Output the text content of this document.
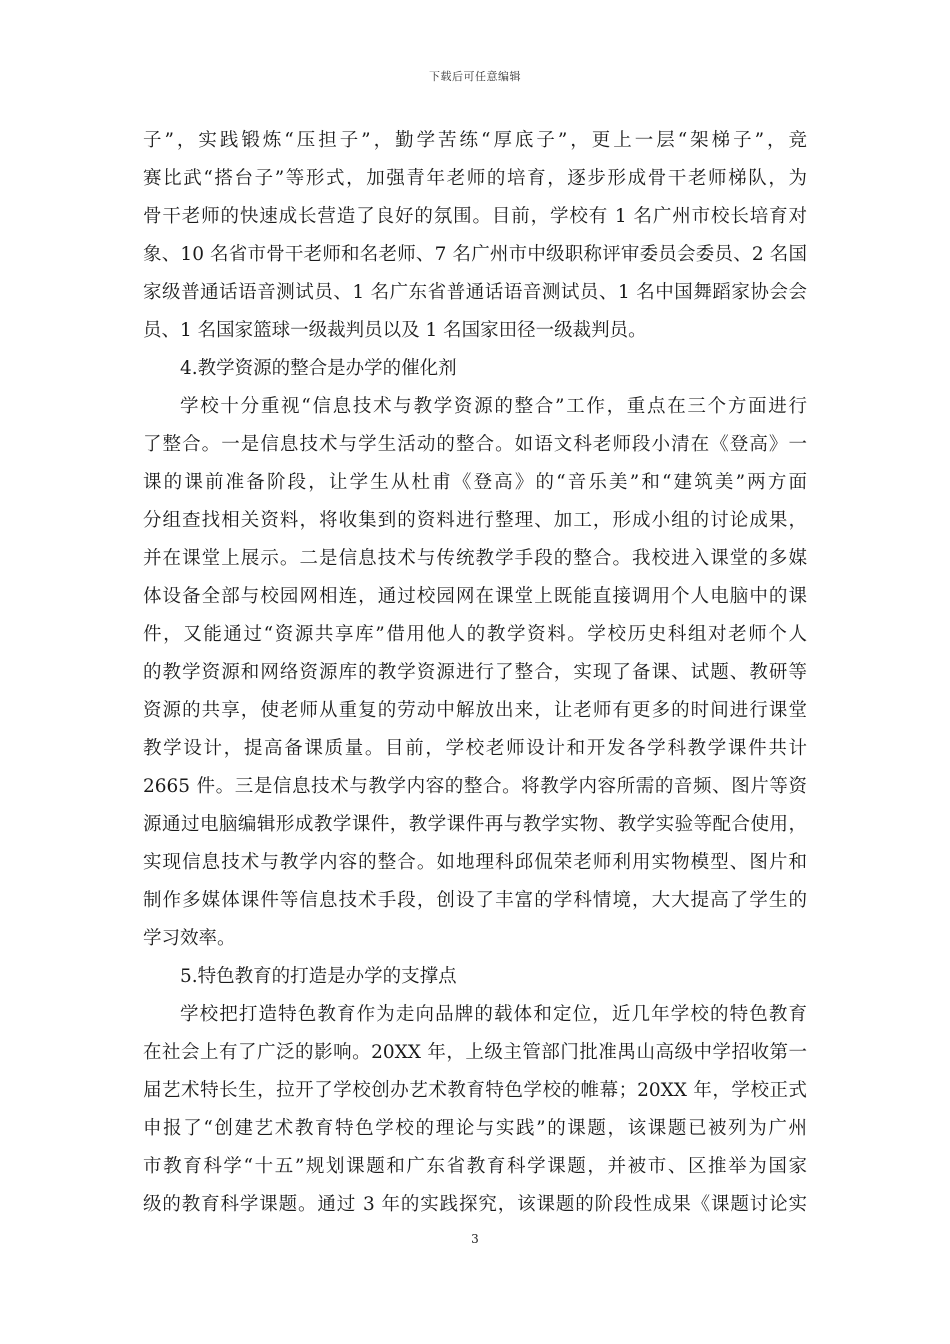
下载后可任意编辑
子”，实践锻炼“压担子”，勤学苦练“厚底子”，更上一层“架梯子”，竞
赛比武“搭台子”等形式，加强青年老师的培育，逐步形成骨干老师梯队，为
骨干老师的快速成长营造了良好的氛围。目前，学校有 1 名广州市校长培育对
象、10 名省市骨干老师和名老师、7 名广州市中级职称评审委员会委员、2 名国
家级普通话语音测试员、1 名广东省普通话语音测试员、1 名中国舞蹈家协会会
员、1 名国家篮球一级裁判员以及 1 名国家田径一级裁判员。
4.教学资源的整合是办学的催化剂
学校十分重视“信息技术与教学资源的整合”工作，重点在三个方面进行
了整合。一是信息技术与学生活动的整合。如语文科老师段小清在《登高》一
课的课前准备阶段，让学生从杜甫《登高》的“音乐美”和“建筑美”两方面
分组查找相关资料，将收集到的资料进行整理、加工，形成小组的讨论成果，
并在课堂上展示。二是信息技术与传统教学手段的整合。我校进入课堂的多媒
体设备全部与校园网相连，通过校园网在课堂上既能直接调用个人电脑中的课
件，又能通过“资源共享库”借用他人的教学资料。学校历史科组对老师个人
的教学资源和网络资源库的教学资源进行了整合，实现了备课、试题、教研等
资源的共享，使老师从重复的劳动中解放出来，让老师有更多的时间进行课堂
教学设计，提高备课质量。目前，学校老师设计和开发各学科教学课件共计
2665 件。三是信息技术与教学内容的整合。将教学内容所需的音频、图片等资
源通过电脑编辑形成教学课件，教学课件再与教学实物、教学实验等配合使用，
实现信息技术与教学内容的整合。如地理科邱侃荣老师利用实物模型、图片和
制作多媒体课件等信息技术手段，创设了丰富的学科情境，大大提高了学生的
学习效率。
5.特色教育的打造是办学的支撑点
学校把打造特色教育作为走向品牌的载体和定位，近几年学校的特色教育
在社会上有了广泛的影响。20XX 年，上级主管部门批准禺山高级中学招收第一
届艺术特长生，拉开了学校创办艺术教育特色学校的帷幕；20XX 年，学校正式
申报了“创建艺术教育特色学校的理论与实践”的课题，该课题已被列为广州
市教育科学“十五”规划课题和广东省教育科学课题，并被市、区推举为国家
级的教育科学课题。通过 3 年的实践探究，该课题的阶段性成果《课题讨论实
3
